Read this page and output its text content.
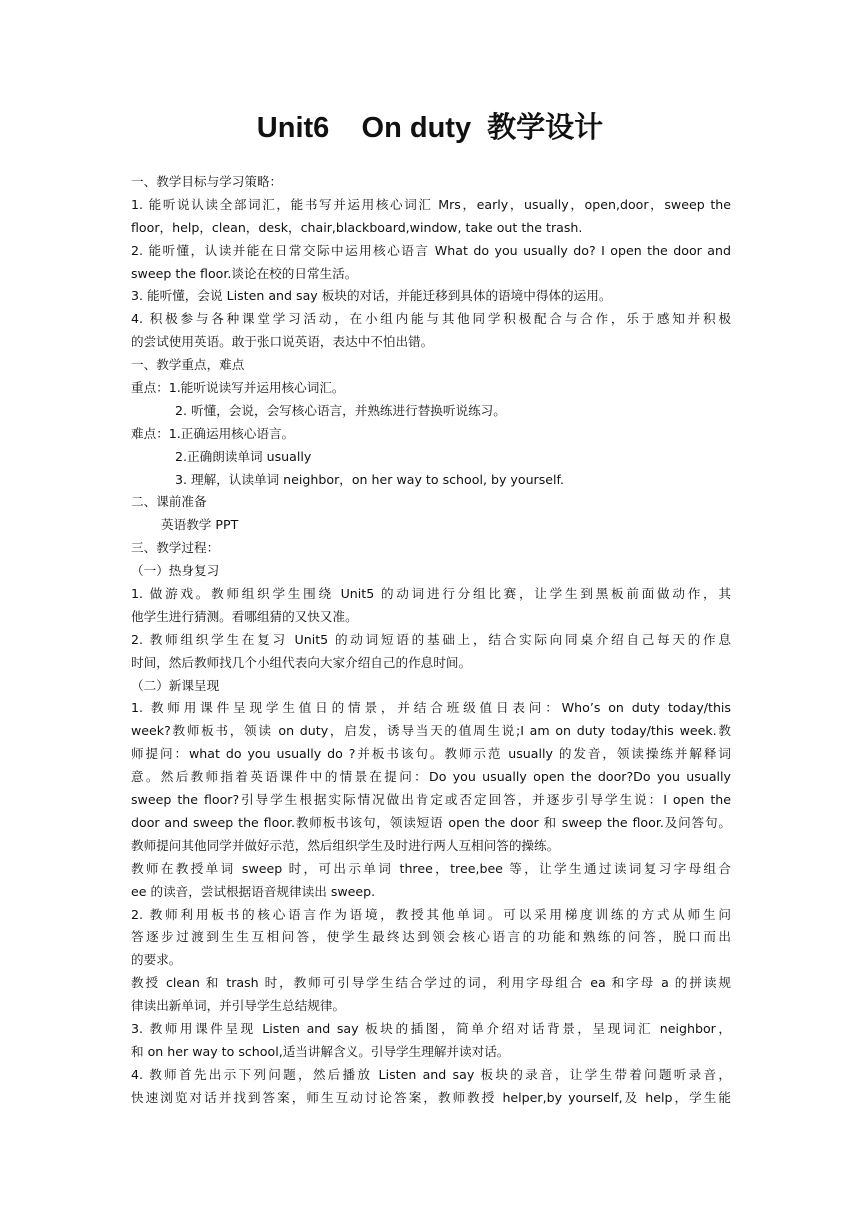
Unit6    On duty  教学设计
一、教学目标与学习策略：
1. 能听说认读全部词汇，能书写并运用核心词汇 Mrs，early，usually，open,door，sweep the
floor，help，clean，desk，chair,blackboard,window, take out the trash.
2. 能听懂，认读并能在日常交际中运用核心语言 What do you usually do? I open the door and
sweep the floor.谈论在校的日常生活。
3. 能听懂，会说 Listen and say 板块的对话，并能迁移到具体的语境中得体的运用。
4. 积极参与各种课堂学习活动，在小组内能与其他同学积极配合与合作，乐于感知并积极
的尝试使用英语。敢于张口说英语，表达中不怕出错。
一、教学重点，难点
重点：1.能听说读写并运用核心词汇。
2. 听懂，会说，会写核心语言，并熟练进行替换听说练习。
难点：1.正确运用核心语言。
2.正确朗读单词 usually
3. 理解，认读单词 neighbor，on her way to school, by yourself.
二、课前准备
英语教学 PPT
三、教学过程：
（一）热身复习
1. 做游戏。教师组织学生围绕 Unit5 的动词进行分组比赛，让学生到黑板前面做动作，其
他学生进行猜测。看哪组猜的又快又准。
2. 教师组织学生在复习 Unit5 的动词短语的基础上，结合实际向同桌介绍自己每天的作息
时间，然后教师找几个小组代表向大家介绍自己的作息时间。
（二）新课呈现
1. 教师用课件呈现学生值日的情景，并结合班级值日表问：Who’s on duty today/this
week?教师板书，领读 on duty，启发，诱导当天的值周生说;I am on duty today/this week.教
师提问：what do you usually do ?并板书该句。教师示范 usually 的发音，领读操练并解释词
意。然后教师指着英语课件中的情景在提问：Do you usually open the door?Do you usually
sweep the floor?引导学生根据实际情况做出肯定或否定回答，并逐步引导学生说：I open the
door and sweep the floor.教师板书该句，领读短语 open the door 和 sweep the floor.及问答句。
教师提问其他同学并做好示范，然后组织学生及时进行两人互相问答的操练。
教师在教授单词 sweep 时，可出示单词 three，tree,bee 等，让学生通过读词复习字母组合
ee 的读音，尝试根据语音规律读出 sweep.
2. 教师利用板书的核心语言作为语境，教授其他单词。可以采用梯度训练的方式从师生问
答逐步过渡到生生互相问答，使学生最终达到领会核心语言的功能和熟练的问答，脱口而出
的要求。
教授 clean 和 trash 时，教师可引导学生结合学过的词，利用字母组合 ea 和字母 a 的拼读规
律读出新单词，并引导学生总结规律。
3. 教师用课件呈现 Listen and say 板块的插图，简单介绍对话背景，呈现词汇 neighbor，
和 on her way to school,适当讲解含义。引导学生理解并读对话。
4. 教师首先出示下列问题，然后播放 Listen and say 板块的录音，让学生带着问题听录音，
快速浏览对话并找到答案，师生互动讨论答案，教师教授 helper,by yourself,及 help，学生能
